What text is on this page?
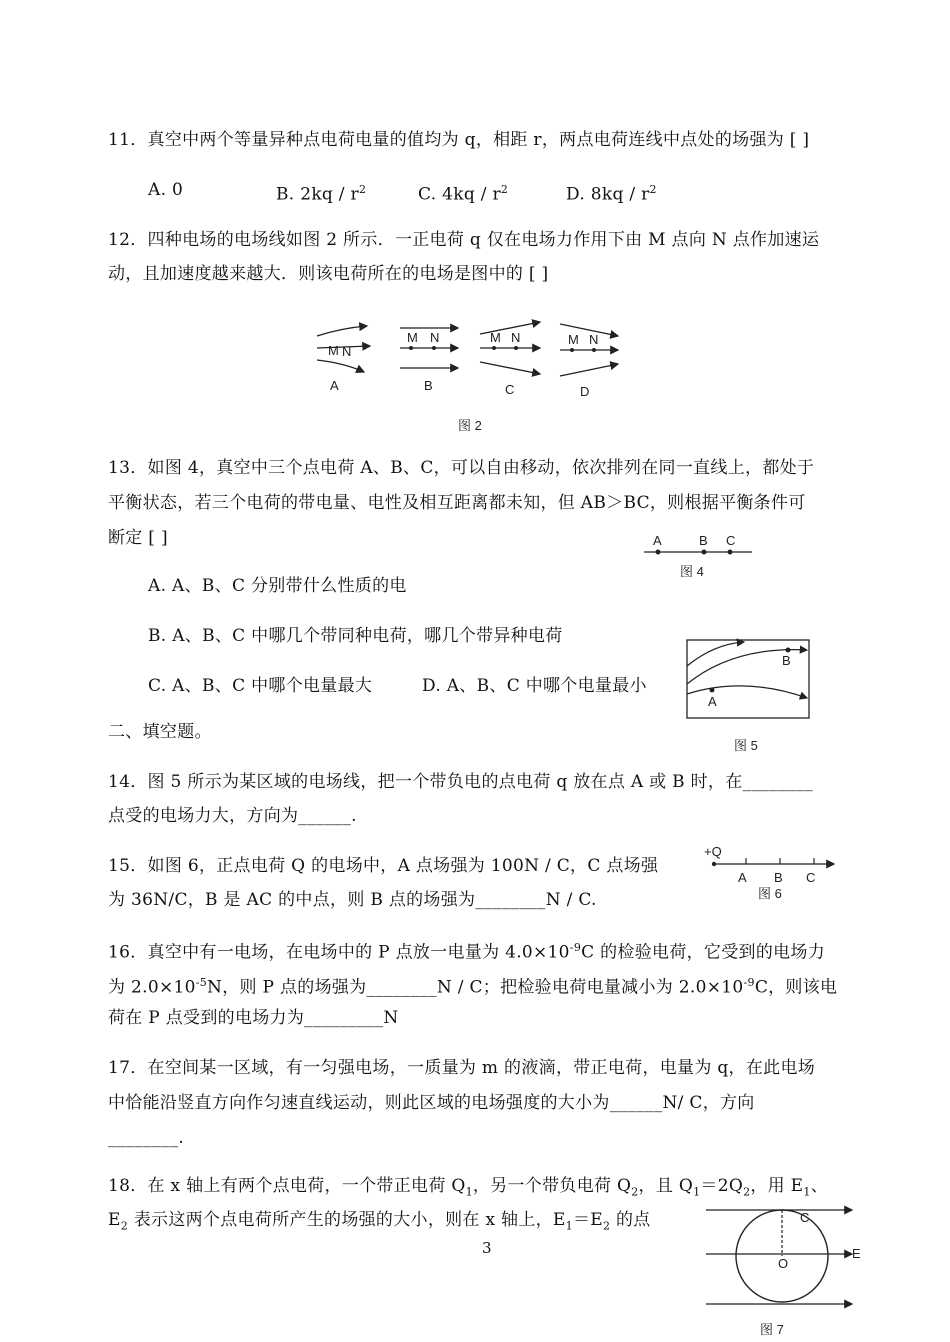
11．真空中两个等量异种点电荷电量的值均为 q，相距 r，两点电荷连线中点处的场强为 [ ]
A. 0	B. $2kq / r^2$	C. $4kq / r^2$	D. $8kq / r^2$
12．四种电场的电场线如图 2 所示．一正电荷 q 仅在电场力作用下由 M 点向 N 点作加速运
动，且加速度越来越大．则该电荷所在的电场是图中的 [ ]
M N
A
M N
B
M N
C
M N
D
图 2
13．如图 4，真空中三个点电荷 A、B、C，可以自由移动，依次排列在同一直线上，都处于
平衡状态，若三个电荷的带电量、电性及相互距离都未知，但 AB＞BC，则根据平衡条件可
断定 [ ]
A. A、B、C 分别带什么性质的电
B. A、B、C 中哪几个带同种电荷，哪几个带异种电荷
C. A、B、C 中哪个电量最大	D. A、B、C 中哪个电量最小
A	B C
图 4
B
A
图 5
二、填空题。
14．图 5 所示为某区域的电场线，把一个带负电的点电荷 q 放在点 A 或 B 时，在________
点受的电场力大，方向为______.
15．如图 6，正点电荷 Q 的电场中，A 点场强为 100N / C，C 点场强
为 36N/C，B 是 AC 的中点，则 B 点的场强为________N / C.
+Q
A B C
图 6
16．真空中有一电场，在电场中的 P 点放一电量为 $4.0\times 10^{-9}C$ 的检验电荷，它受到的电场力
为 $2.0\times 10^{-5}N$，则 P 点的场强为________N / C；把检验电荷电量减小为 $2.0\times 10^{-9}C$，则该电
荷在 P 点受到的电场力为_________N
17．在空间某一区域，有一匀强电场，一质量为 m 的液滴，带正电荷，电量为 q，在此电场
中恰能沿竖直方向作匀速直线运动，则此区域的电场强度的大小为______N/ C，方向
________.
18．在 x 轴上有两个点电荷，一个带正电荷 $Q_1$，另一个带负电荷 $Q_2$，且 $Q_1=2Q_2$，用 $E_1$、
$E_2$ 表示这两个点电荷所产生的场强的大小，则在 x 轴上，$E_1=E_2$ 的点
3
C
O
E
图 7
